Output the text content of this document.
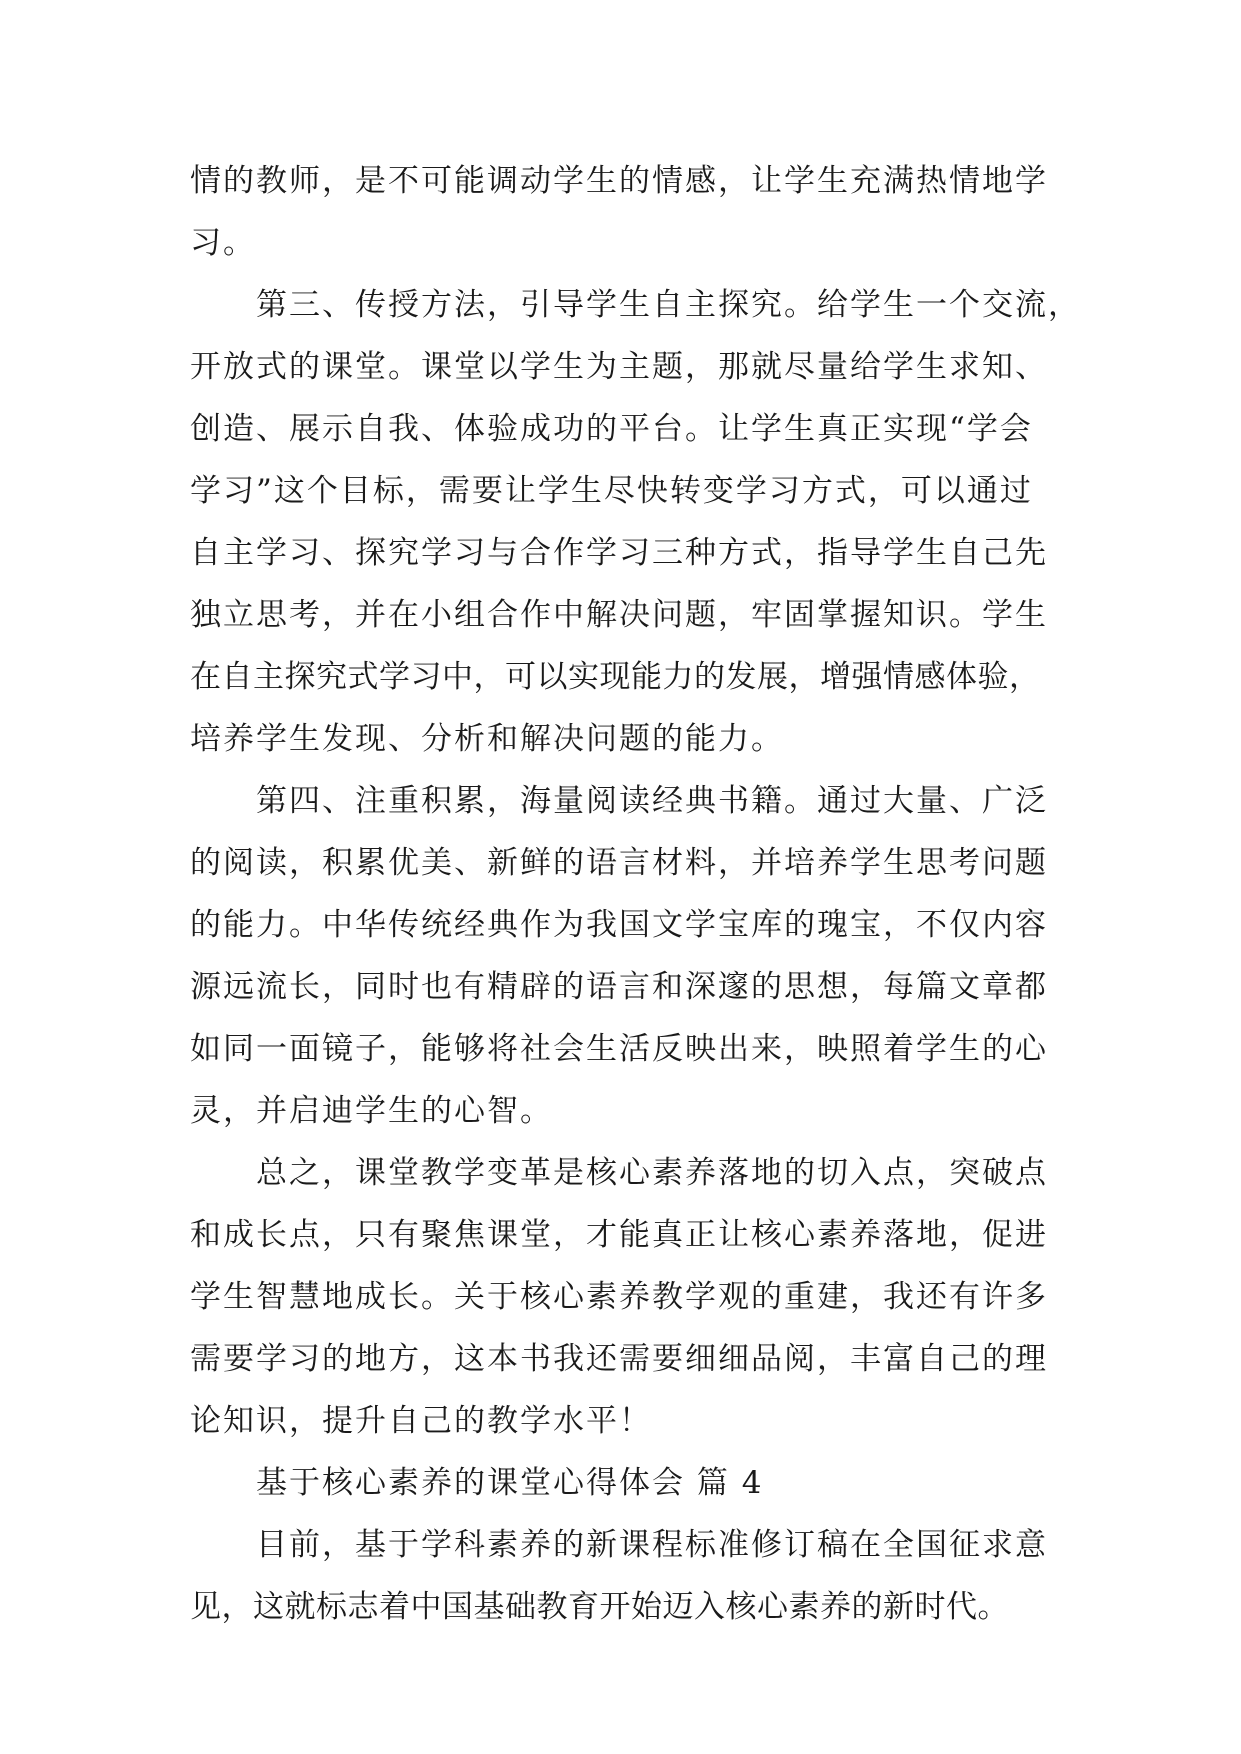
情的教师，是不可能调动学生的情感，让学生充满热情地学
习。
第三、传授方法，引导学生自主探究。给学生一个交流，
开放式的课堂。课堂以学生为主题，那就尽量给学生求知、
创造、展示自我、体验成功的平台。让学生真正实现“学会
学习”这个目标，需要让学生尽快转变学习方式，可以通过
自主学习、探究学习与合作学习三种方式，指导学生自己先
独立思考，并在小组合作中解决问题，牢固掌握知识。学生
在自主探究式学习中，可以实现能力的发展，增强情感体验，
培养学生发现、分析和解决问题的能力。
第四、注重积累，海量阅读经典书籍。通过大量、广泛
的阅读，积累优美、新鲜的语言材料，并培养学生思考问题
的能力。中华传统经典作为我国文学宝库的瑰宝，不仅内容
源远流长，同时也有精辟的语言和深邃的思想，每篇文章都
如同一面镜子，能够将社会生活反映出来，映照着学生的心
灵，并启迪学生的心智。
总之，课堂教学变革是核心素养落地的切入点，突破点
和成长点，只有聚焦课堂，才能真正让核心素养落地，促进
学生智慧地成长。关于核心素养教学观的重建，我还有许多
需要学习的地方，这本书我还需要细细品阅，丰富自己的理
论知识，提升自己的教学水平！
基于核心素养的课堂心得体会 篇 4
目前，基于学科素养的新课程标准修订稿在全国征求意
见，这就标志着中国基础教育开始迈入核心素养的新时代。
